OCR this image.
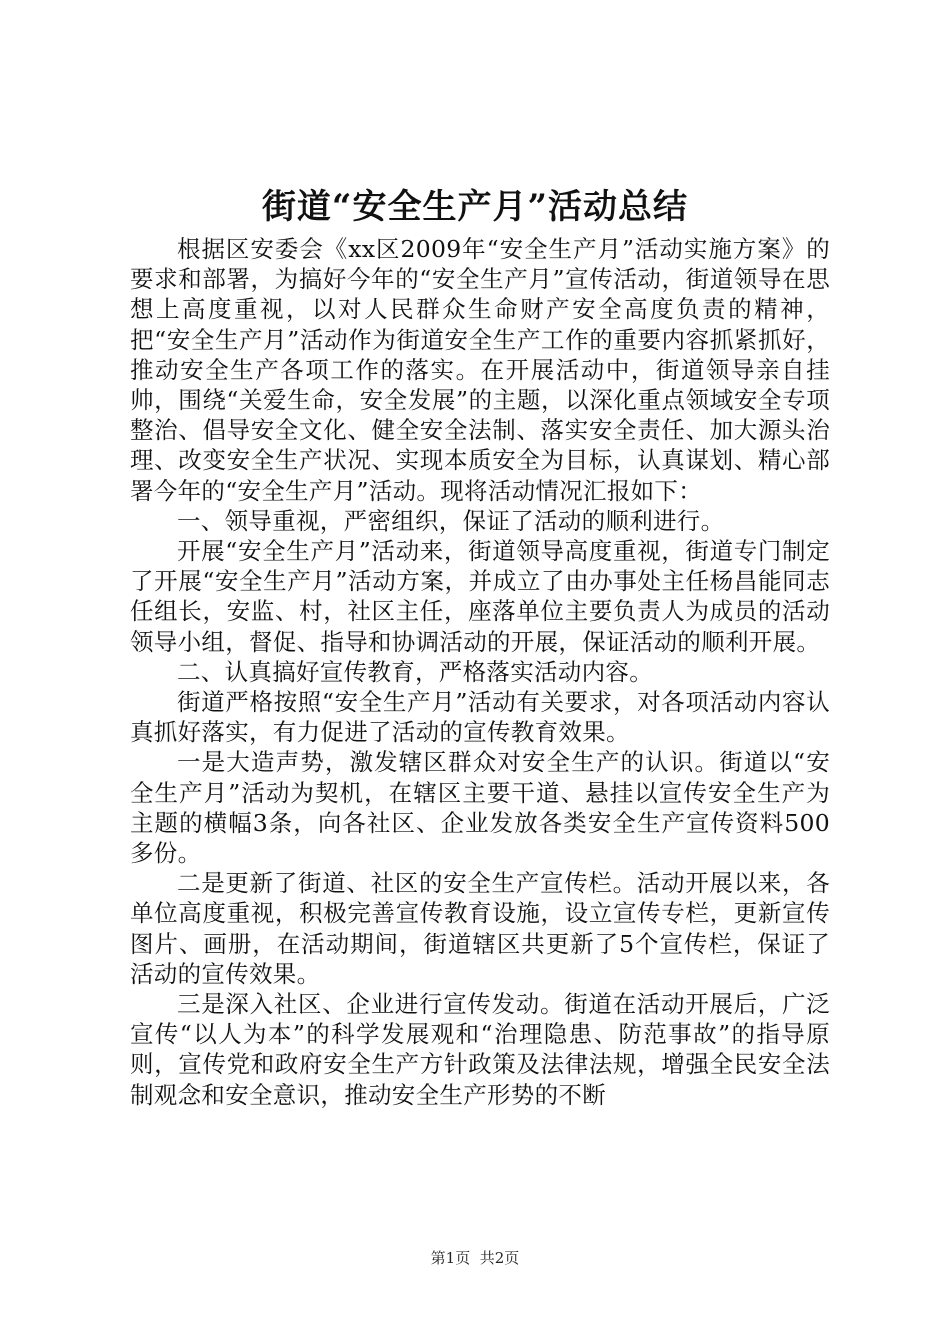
街道“安全生产月”活动总结

根据区安委会《xx区2009年“安全生产月”活动实施方案》的要求和部署，为搞好今年的“安全生产月”宣传活动，街道领导在思想上高度重视，以对人民群众生命财产安全高度负责的精神，把“安全生产月”活动作为街道安全生产工作的重要内容抓紧抓好，推动安全生产各项工作的落实。在开展活动中，街道领导亲自挂帅，围绕“关爱生命，安全发展”的主题，以深化重点领域安全专项整治、倡导安全文化、健全安全法制、落实安全责任、加大源头治理、改变安全生产状况、实现本质安全为目标，认真谋划、精心部署今年的“安全生产月”活动。现将活动情况汇报如下：

一、领导重视，严密组织，保证了活动的顺利进行。

开展“安全生产月”活动来，街道领导高度重视，街道专门制定了开展“安全生产月”活动方案，并成立了由办事处主任杨昌能同志任组长，安监、村，社区主任，座落单位主要负责人为成员的活动领导小组，督促、指导和协调活动的开展，保证活动的顺利开展。

二、认真搞好宣传教育，严格落实活动内容。

街道严格按照“安全生产月”活动有关要求，对各项活动内容认真抓好落实，有力促进了活动的宣传教育效果。

一是大造声势，激发辖区群众对安全生产的认识。街道以“安全生产月”活动为契机，在辖区主要干道、悬挂以宣传安全生产为主题的横幅3条，向各社区、企业发放各类安全生产宣传资料500多份。

二是更新了街道、社区的安全生产宣传栏。活动开展以来，各单位高度重视，积极完善宣传教育设施，设立宣传专栏，更新宣传图片、画册，在活动期间，街道辖区共更新了5个宣传栏，保证了活动的宣传效果。

三是深入社区、企业进行宣传发动。街道在活动开展后，广泛宣传“以人为本”的科学发展观和“治理隐患、防范事故”的指导原则，宣传党和政府安全生产方针政策及法律法规，增强全民安全法制观念和安全意识，推动安全生产形势的不断

第1页 共2页
